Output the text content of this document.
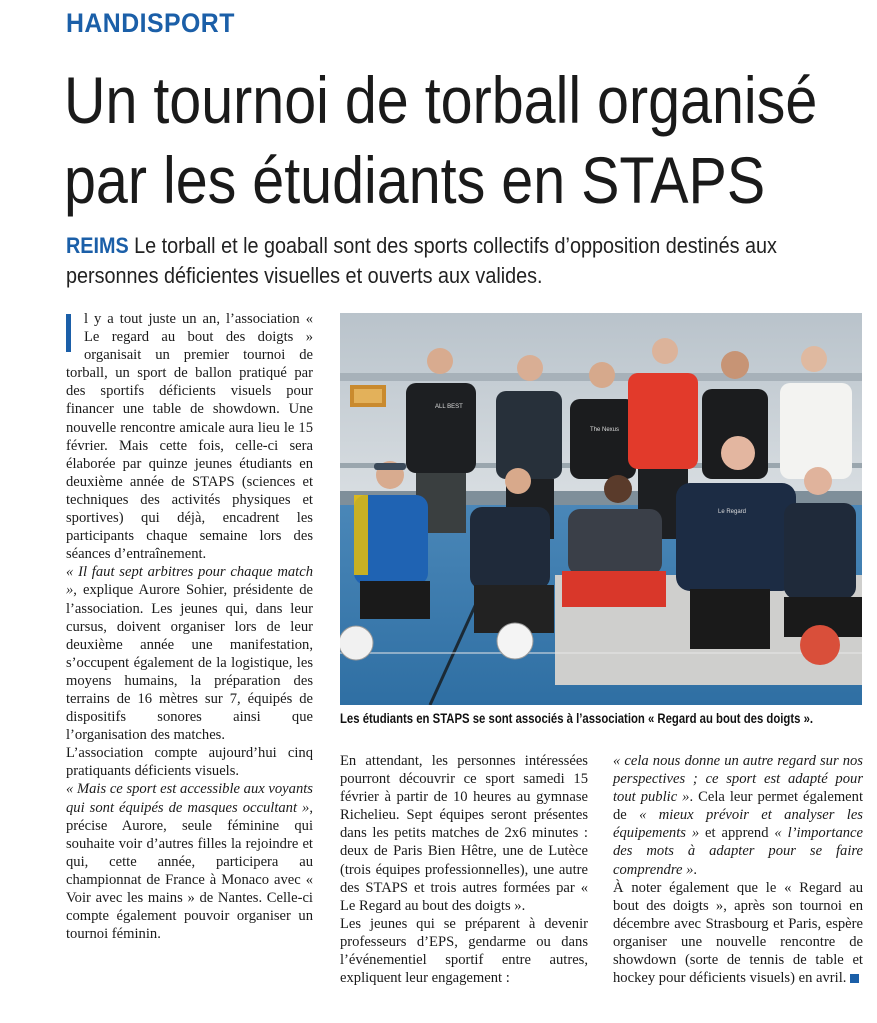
HANDISPORT
Un tournoi de torball organisé
par les étudiants en STAPS
REIMS Le torball et le goaball sont des sports collectifs d’opposition destinés aux personnes déficientes visuelles et ouverts aux valides.

l y a tout juste un an, l’association « Le regard au bout des doigts » organisait un premier tournoi de torball, un sport de ballon pratiqué par des sportifs déficients visuels pour financer une table de showdown. Une nouvelle rencontre amicale aura lieu le 15 février. Mais cette fois, celle-ci sera élaborée par quinze jeunes étudiants en deuxième année de STAPS (sciences et techniques des activités physiques et sportives) qui déjà, encadrent les participants chaque semaine lors des séances d’entraînement.

« Il faut sept arbitres pour chaque match », explique Aurore Sohier, présidente de l’association. Les jeunes qui, dans leur cursus, doivent organiser lors de leur deuxième année une manifestation, s’occupent également de la logistique, les moyens humains, la préparation des terrains de 16 mètres sur 7, équipés de dispositifs sonores ainsi que l’organisation des matches.

L’association compte aujourd’hui cinq pratiquants déficients visuels.

« Mais ce sport est accessible aux voyants qui sont équipés de masques occultant », précise Aurore, seule féminine qui souhaite voir d’autres filles la rejoindre et qui, cette année, participera au championnat de France à Monaco avec « Voir avec les mains » de Nantes. Celle-ci compte également pouvoir organiser un tournoi féminin.

ALL BEST
The Nexus
Le Regard
Les étudiants en STAPS se sont associés à l’association « Regard au bout des doigts ».

En attendant, les personnes intéressées pourront découvrir ce sport samedi 15 février à partir de 10 heures au gymnase Richelieu. Sept équipes seront présentes dans les petits matches de 2x6 minutes : deux de Paris Bien Hêtre, une de Lutèce (trois équipes professionnelles), une autre des STAPS et trois autres formées par « Le Regard au bout des doigts ».

Les jeunes qui se préparent à devenir professeurs d’EPS, gendarme ou dans l’événementiel sportif entre autres, expliquent leur engagement :

« cela nous donne un autre regard sur nos perspectives ; ce sport est adapté pour tout public ». Cela leur permet également de « mieux prévoir et analyser les équipements » et apprend « l’importance des mots à adapter pour se faire comprendre ».

À noter également que le « Regard au bout des doigts », après son tournoi en décembre avec Strasbourg et Paris, espère organiser une nouvelle rencontre de showdown (sorte de tennis de table et hockey pour déficients visuels) en avril.
